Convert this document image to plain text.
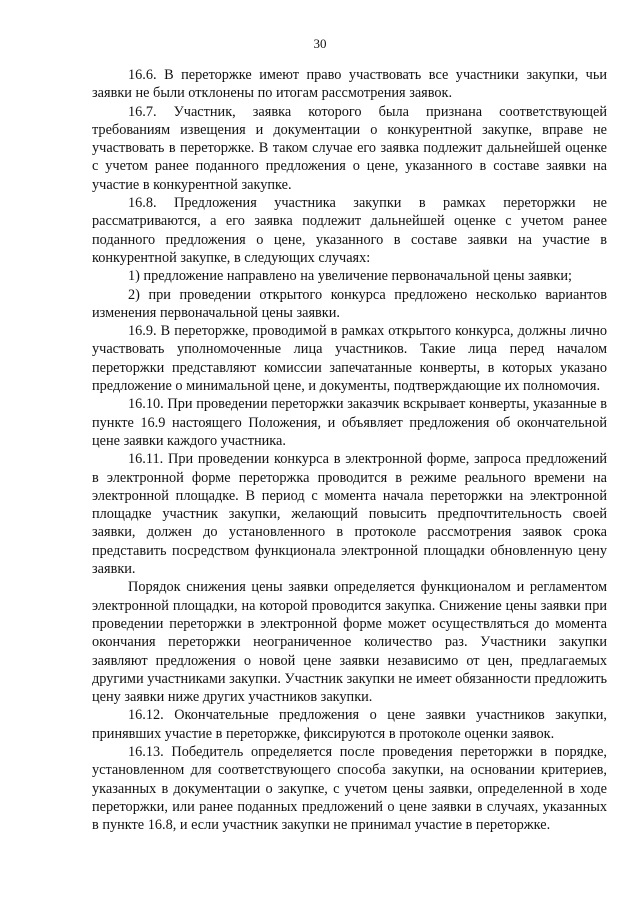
30

16.6. В переторжке имеют право участвовать все участники закупки, чьи заявки не были отклонены по итогам рассмотрения заявок.

16.7. Участник, заявка которого была признана соответствующей требованиям извещения и документации о конкурентной закупке, вправе не участвовать в переторжке. В таком случае его заявка подлежит дальнейшей оценке с учетом ранее поданного предложения о цене, указанного в составе заявки на участие в конкурентной закупке.

16.8. Предложения участника закупки в рамках переторжки не рассматриваются, а его заявка подлежит дальнейшей оценке с учетом ранее поданного предложения о цене, указанного в составе заявки на участие в конкурентной закупке, в следующих случаях:

1) предложение направлено на увеличение первоначальной цены заявки;

2) при проведении открытого конкурса предложено несколько вариантов изменения первоначальной цены заявки.

16.9. В переторжке, проводимой в рамках открытого конкурса, должны лично участвовать уполномоченные лица участников. Такие лица перед началом переторжки представляют комиссии запечатанные конверты, в которых указано предложение о минимальной цене, и документы, подтверждающие их полномочия.

16.10. При проведении переторжки заказчик вскрывает конверты, указанные в пункте 16.9 настоящего Положения, и объявляет предложения об окончательной цене заявки каждого участника.

16.11. При проведении конкурса в электронной форме, запроса предложений в электронной форме переторжка проводится в режиме реального времени на электронной площадке. В период с момента начала переторжки на электронной площадке участник закупки, желающий повысить предпочтительность своей заявки, должен до установленного в протоколе рассмотрения заявок срока представить посредством функционала электронной площадки обновленную цену заявки.

Порядок снижения цены заявки определяется функционалом и регламентом электронной площадки, на которой проводится закупка. Снижение цены заявки при проведении переторжки в электронной форме может осуществляться до момента окончания переторжки неограниченное количество раз. Участники закупки заявляют предложения о новой цене заявки независимо от цен, предлагаемых другими участниками закупки. Участник закупки не имеет обязанности предложить цену заявки ниже других участников закупки.

16.12. Окончательные предложения о цене заявки участников закупки, принявших участие в переторжке, фиксируются в протоколе оценки заявок.

16.13. Победитель определяется после проведения переторжки в порядке, установленном для соответствующего способа закупки, на основании критериев, указанных в документации о закупке, с учетом цены заявки, определенной в ходе переторжки, или ранее поданных предложений о цене заявки в случаях, указанных в пункте 16.8, и если участник закупки не принимал участие в переторжке.
